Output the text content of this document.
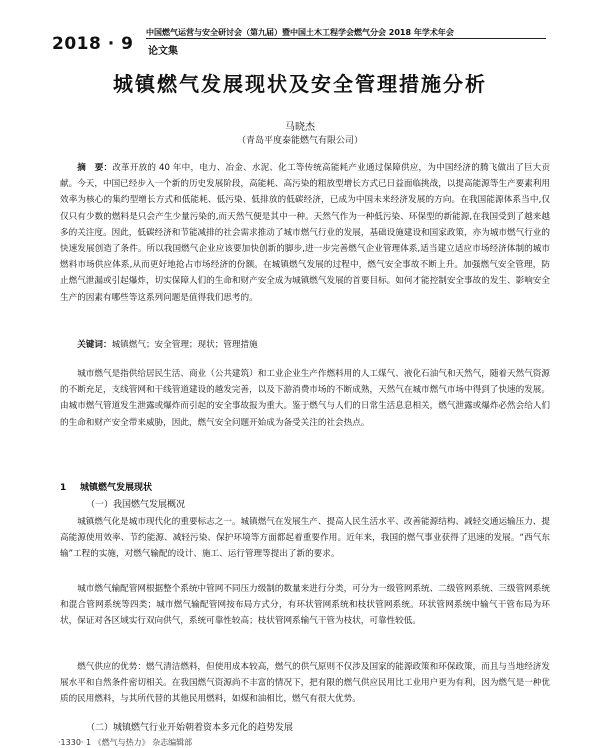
2018 · 9
中国燃气运营与安全研讨会（第九届）暨中国土木工程学会燃气分会 2018 年学术年会
论文集
城镇燃气发展现状及安全管理措施分析
马晓杰
（青岛平度泰能燃气有限公司）

摘　要：改革开放的 40 年中，电力、冶金、水泥、化工等传统高能耗产业通过保障供应，为中国经济的腾飞做出了巨大贡献。今天，中国已经步入一个新的历史发展阶段，高能耗、高污染的粗放型增长方式已日益面临挑战，以提高能源等生产要素利用效率为核心的集约型增长方式和低能耗、低污染、低排放的低碳经济，已成为中国未来经济发展的方向。在我国能源体系当中,仅仅只有少数的燃料是只会产生少量污染的,而天然气便是其中一种。天然气作为一种低污染、环保型的新能源,在我国受到了越来越多的关注度。因此，低碳经济和节能减排的社会需求推动了城市燃气行业的发展，基础设施建设和国家政策，亦为城市燃气行业的快速发展创造了条件。所以我国燃气企业应该要加快创新的脚步,进一步完善燃气企业管理体系,适当建立适应市场经济体制的城市燃料市场供应体系,从而更好地抢占市场经济的份额。在城镇燃气发展的过程中，燃气安全事故不断上升。加强燃气安全管理，防止燃气泄漏或引起爆炸，切实保障人们的生命和财产安全成为城镇燃气发展的首要目标。如何才能控制安全事故的发生、影响安全生产的因素有哪些等这系列问题是值得我们思考的。

关键词：城镇燃气；安全管理；现状；管理措施

城市燃气是指供给居民生活、商业（公共建筑）和工业企业生产作燃料用的人工煤气、液化石油气和天然气，随着天然气资源的不断充足，支线管网和干线管道建设的越发完善，以及下游消费市场的不断成熟，天然气在城市燃气市场中得到了快速的发展。由城市燃气管道发生泄露或爆炸而引起的安全事故报为重大。鉴于燃气与人们的日常生活息息相关，燃气泄露或爆炸必然会给人们的生命和财产安全带来威胁，因此，燃气安全问题开始成为备受关注的社会热点。

1 城镇燃气发展现状
（一）我国燃气发展概况

城镇燃气化是城市现代化的重要标志之一。城镇燃气在发展生产、提高人民生活水平、改善能源结构、减轻交通运输压力、提高能源使用效率、节约能源、减轻污染、保护环境等方面都起着重要作用。近年来，我国的燃气事业获得了迅速的发展。“西气东输”工程的实施，对燃气输配的设计、施工、运行管理等提出了新的要求。

城市燃气输配管网根据整个系统中管网不同压力级制的数量来进行分类，可分为一级管网系统、二级管网系统、三级管网系统和混合管网系统等四类；城市燃气输配管网按布局方式分，有环状管网系统和枝状管网系统。环状管网系统中输气干管布局为环状，保证对各区域实行双向供气，系统可靠性较高；枝状管网系输气干管为枝状，可靠性较低。

燃气供应的优势：燃气清洁燃料，但使用成本较高，燃气的供气原则不仅涉及国家的能源政策和环保政策，而且与当地经济发展水平和自然条件密切相关。在我国燃气资源尚不丰富的情况下，把有限的燃气供应民用比工业用户更为有利，因为燃气是一种优质的民用燃料，与其所代替的其他民用燃料，如煤和油相比，燃气有很大优势。

（二）城镇燃气行业开始朝着资本多元化的趋势发展
·1330· 1 《燃气与热力》 杂志编辑部
